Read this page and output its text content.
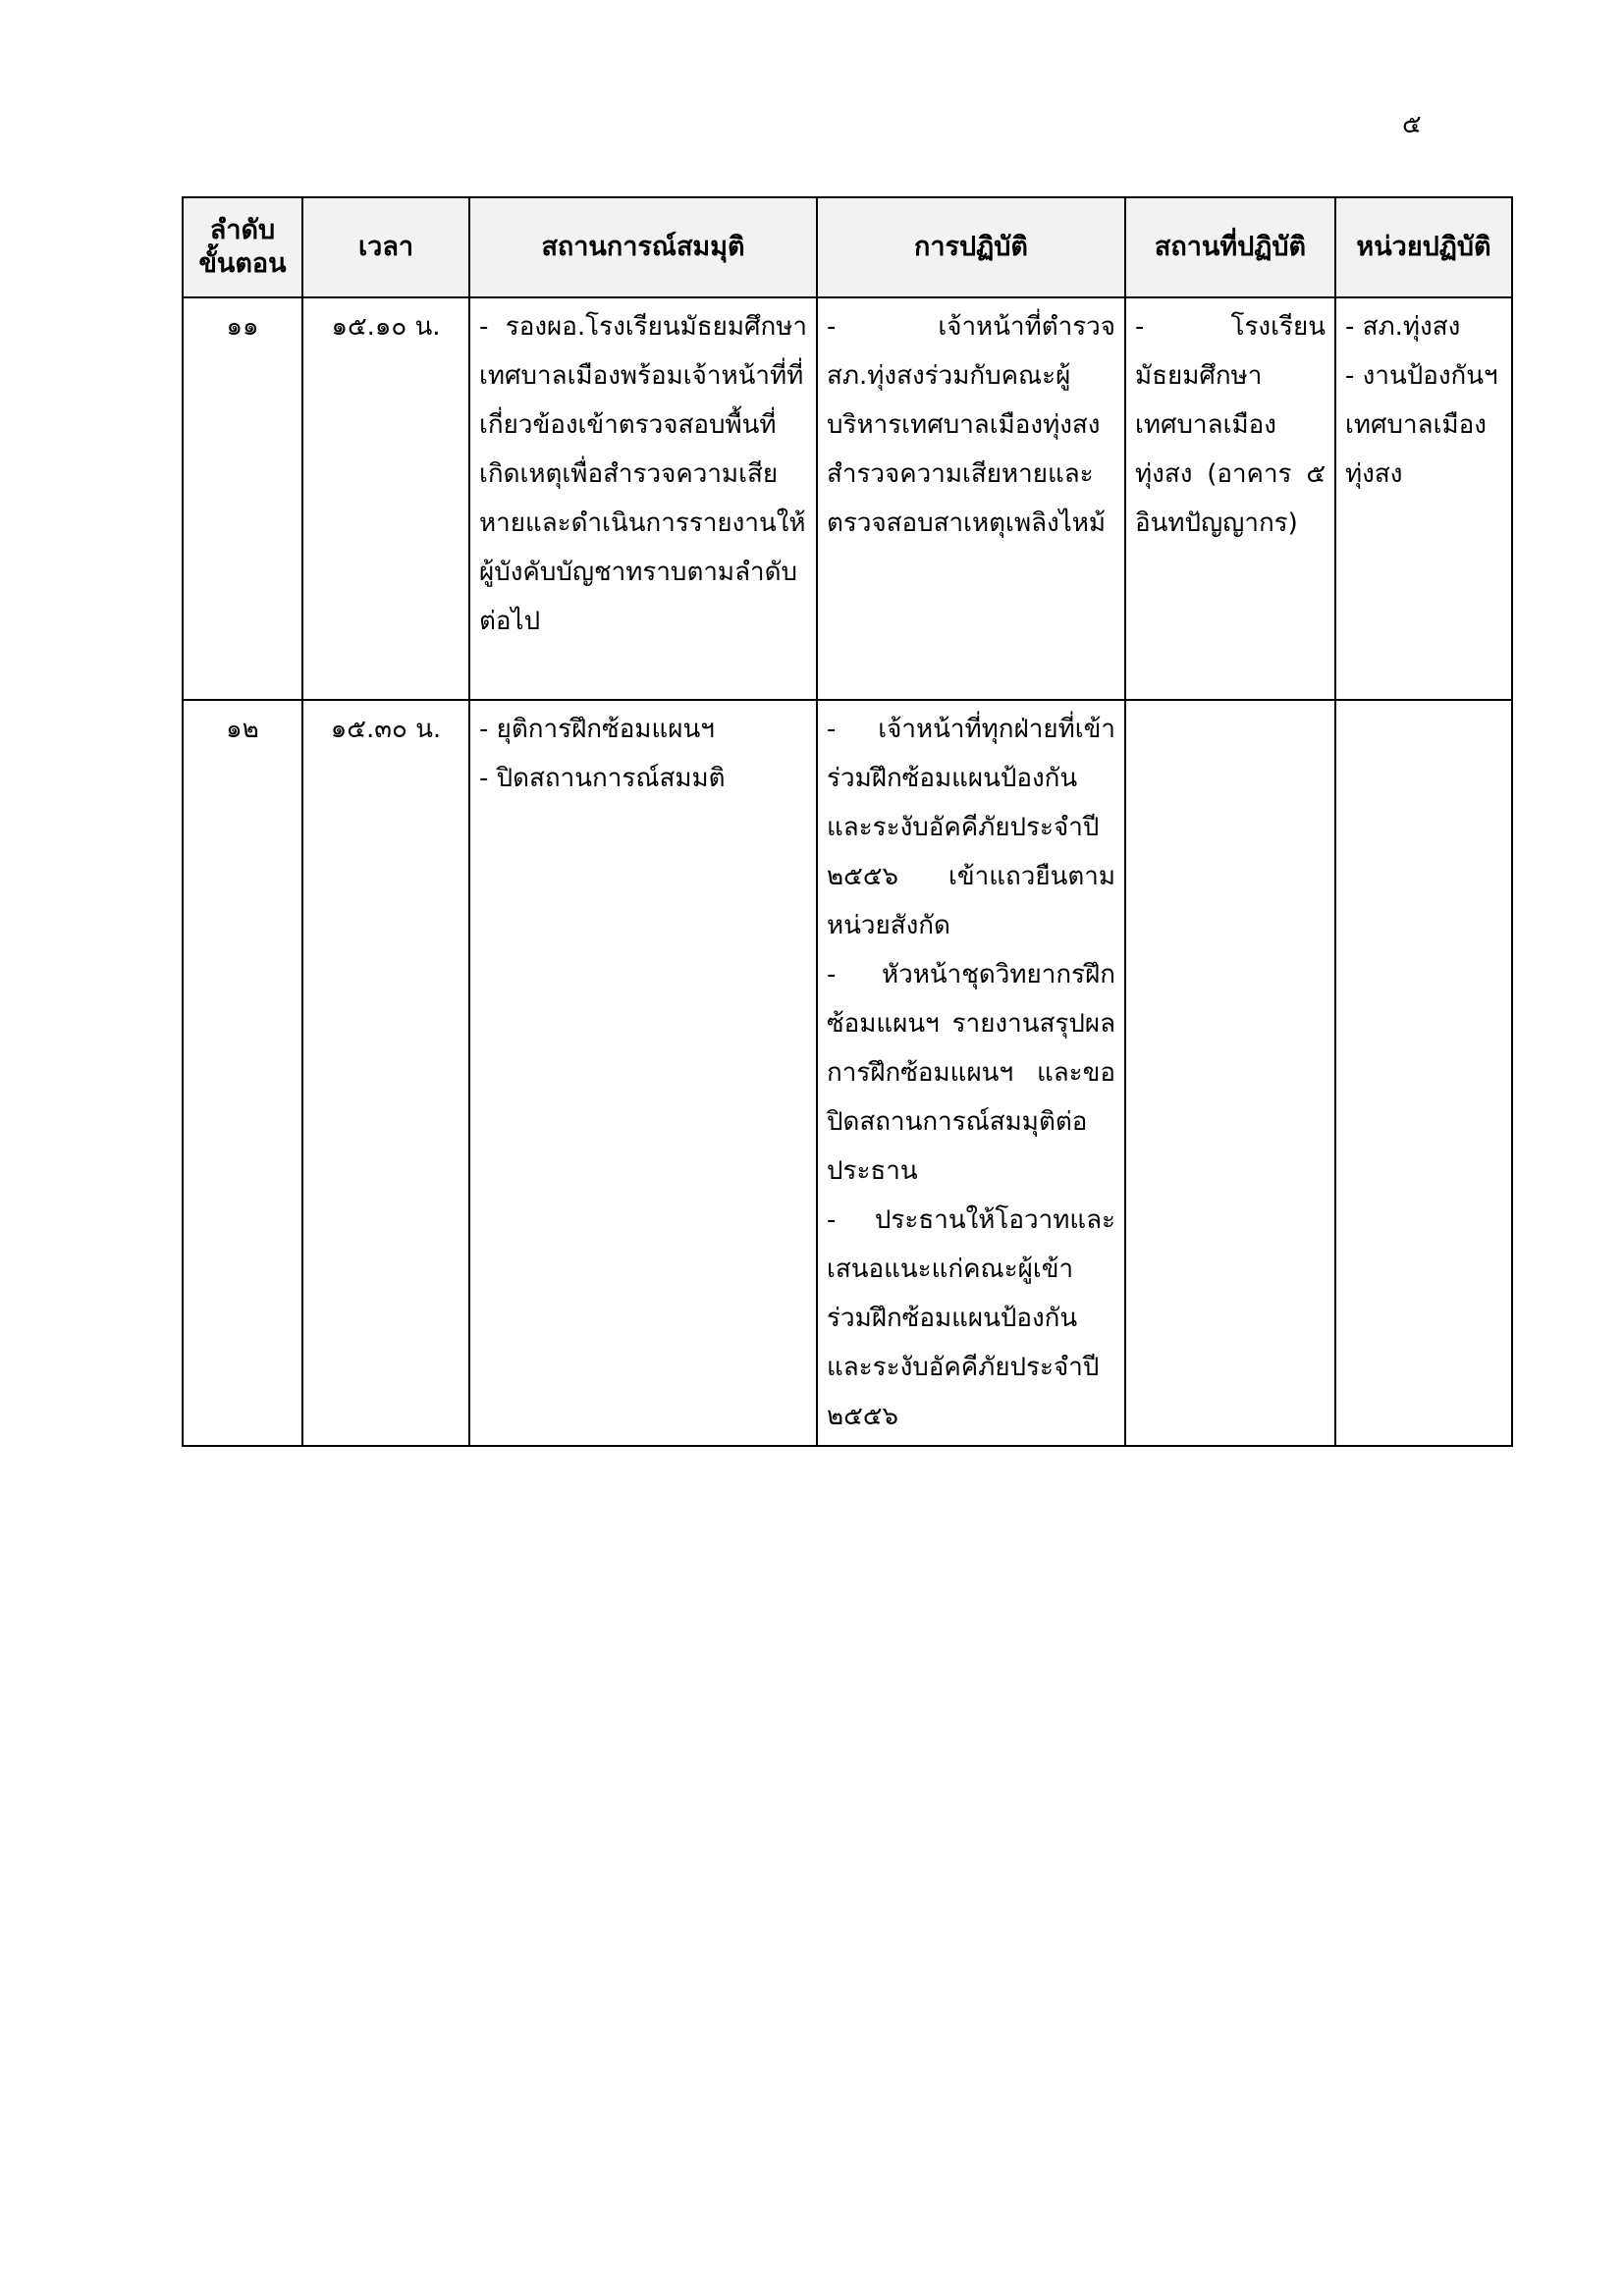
๕
ลำดับ
ขั้นตอน	เวลา	สถานการณ์สมมุติ	การปฏิบัติ	สถานที่ปฏิบัติ	หน่วยปฏิบัติ
๑๑	๑๕.๑๐ น.	- รองผอ.โรงเรียนมัธยมศึกษาเทศบาลเมืองพร้อมเจ้าหน้าที่ที่เกี่ยวข้องเข้าตรวจสอบพื้นที่เกิดเหตุเพื่อสำรวจความเสียหายและดำเนินการรายงานให้ผู้บังคับบัญชาทราบตามลำดับต่อไป	- เจ้าหน้าที่ตำรวจ สภ.ทุ่งสงร่วมกับคณะผู้บริหารเทศบาลเมืองทุ่งสงสำรวจความเสียหายและตรวจสอบสาเหตุเพลิงไหม้	- โรงเรียนมัธยมศึกษาเทศบาลเมืองทุ่งสง (อาคาร ๕ อินทปัญญากร)	- สภ.ทุ่งสง
- งานป้องกันฯเทศบาลเมืองทุ่งสง

๑๒	๑๕.๓๐ น.	- ยุติการฝึกซ้อมแผนฯ
- ปิดสถานการณ์สมมติ	- เจ้าหน้าที่ทุกฝ่ายที่เข้าร่วมฝึกซ้อมแผนป้องกันและระงับอัคคีภัยประจำปี ๒๕๕๖ เข้าแถวยืนตามหน่วยสังกัด
- หัวหน้าชุดวิทยากรฝึกซ้อมแผนฯ รายงานสรุปผลการฝึกซ้อมแผนฯ และขอปิดสถานการณ์สมมุติต่อประธาน
- ประธานให้โอวาทและเสนอแนะแก่คณะผู้เข้าร่วมฝึกซ้อมแผนป้องกันและระงับอัคคีภัยประจำปี ๒๕๕๖		
